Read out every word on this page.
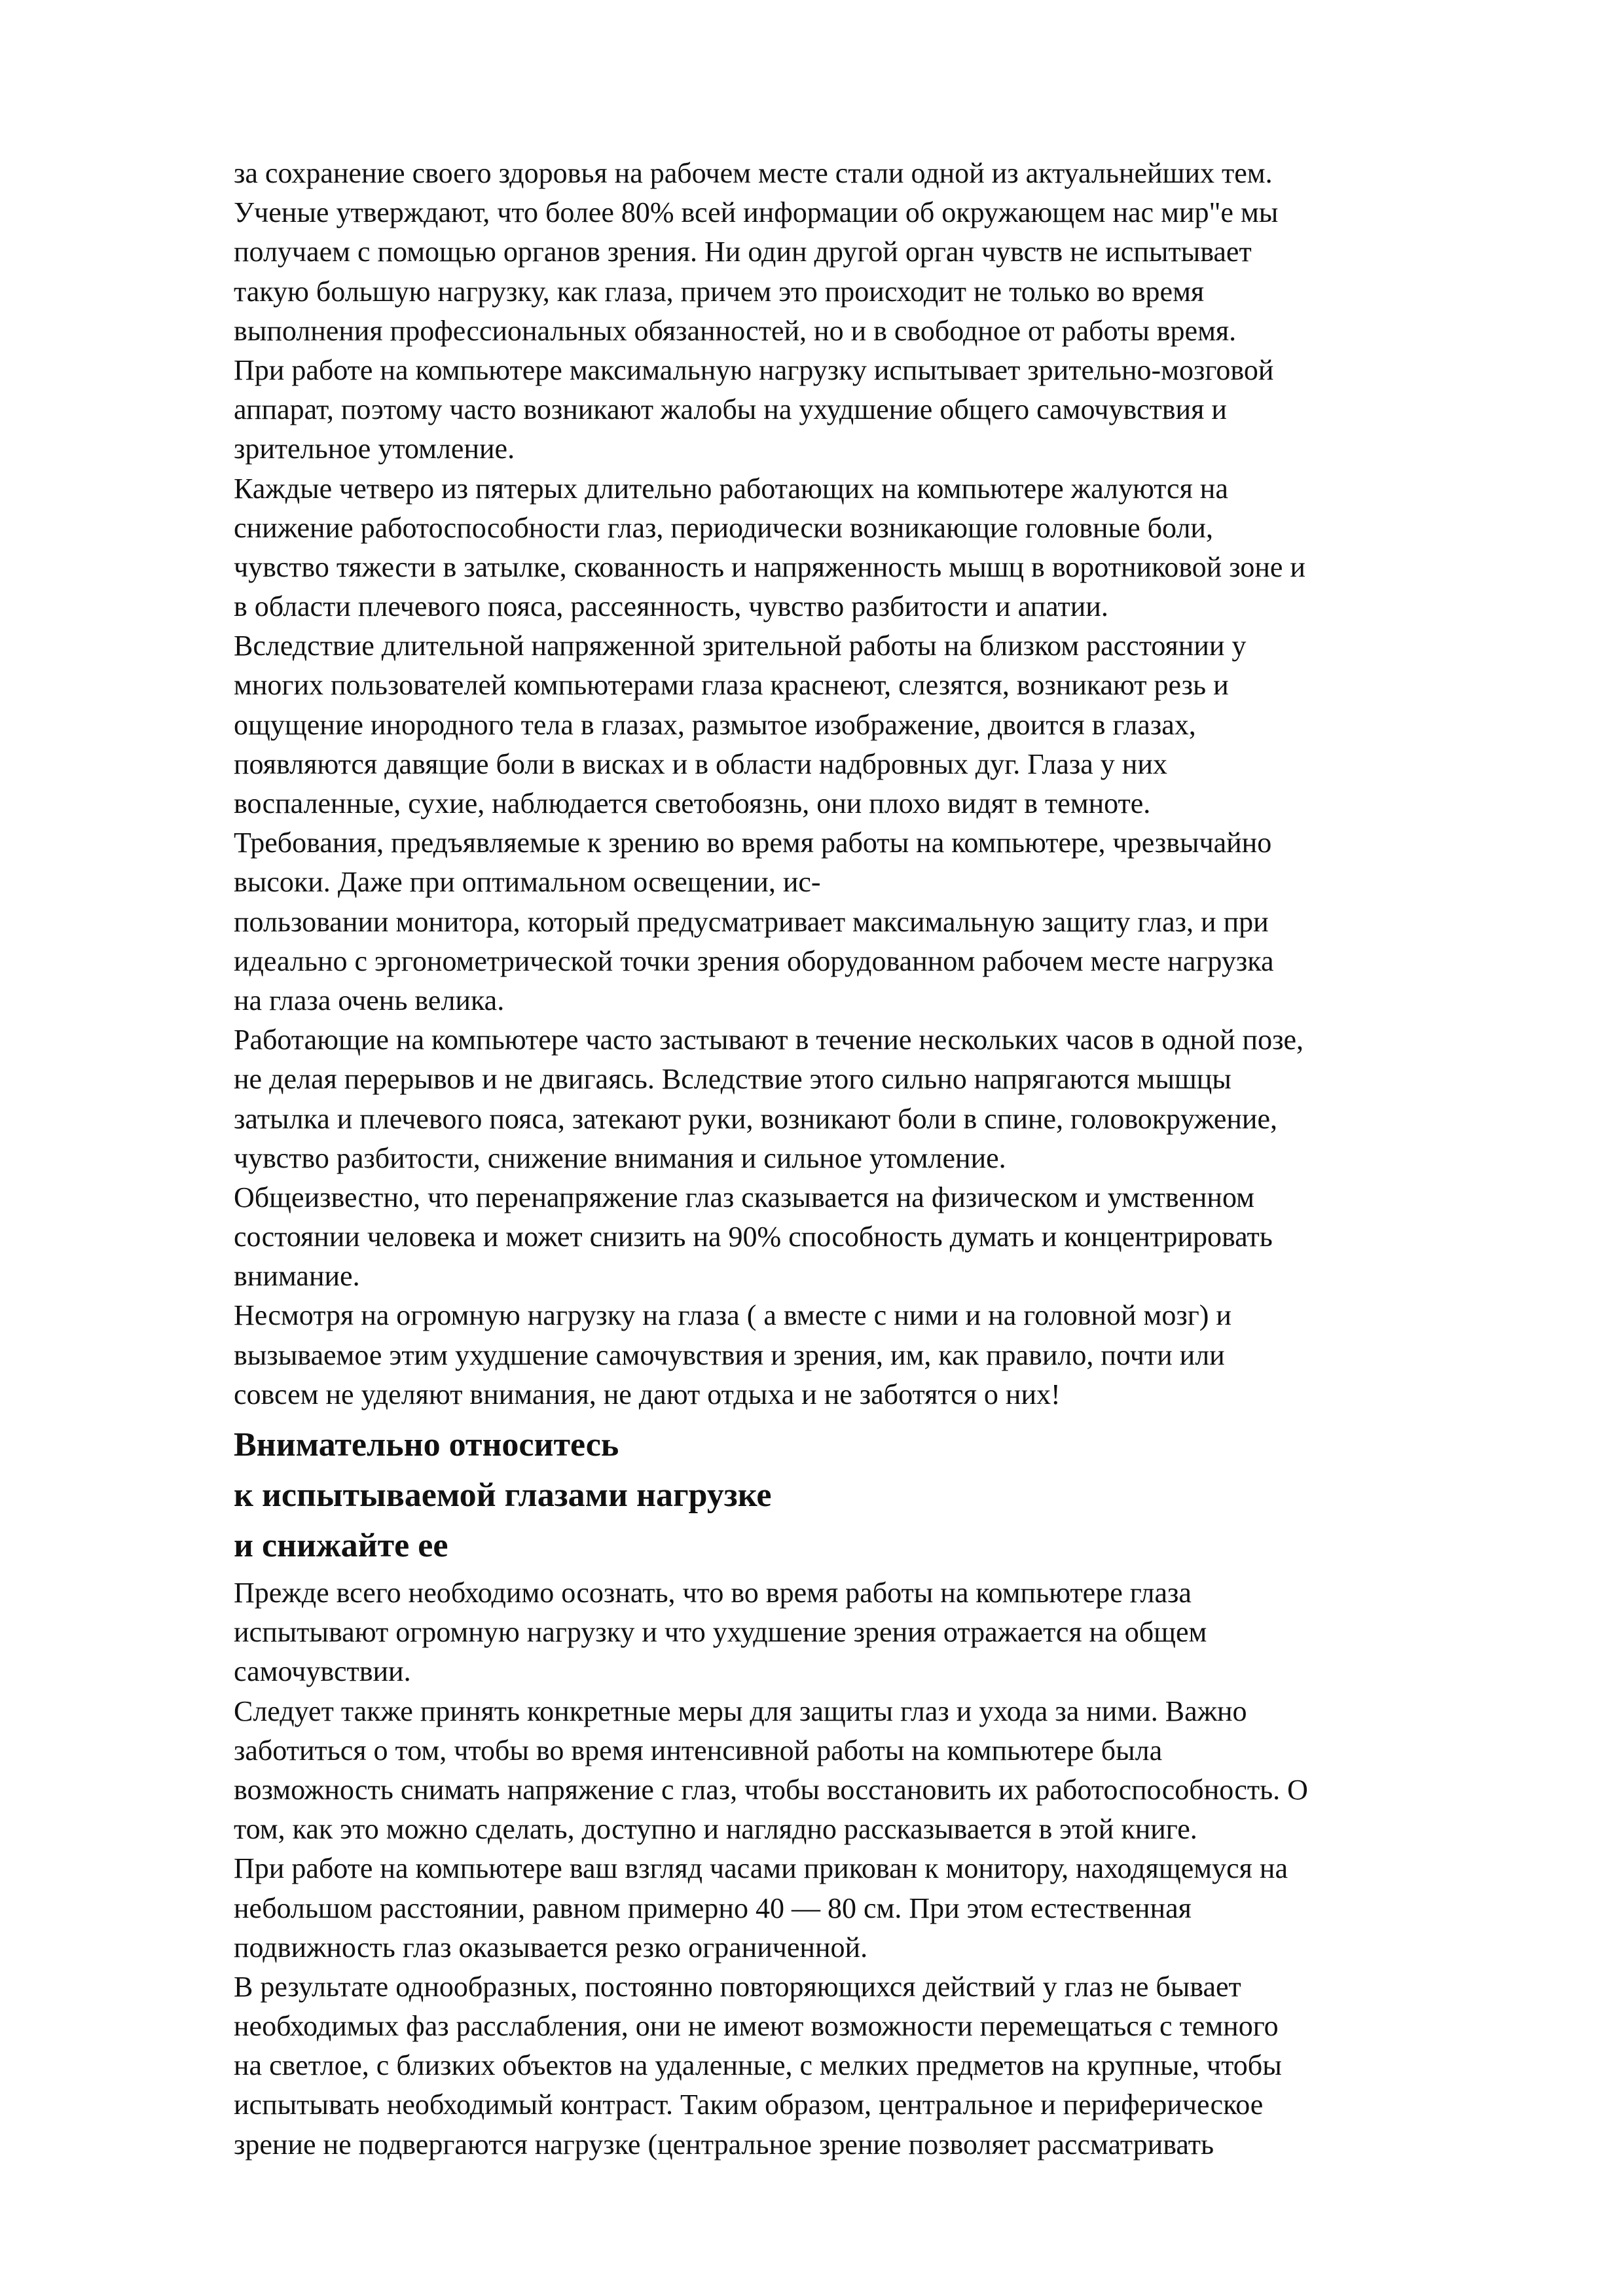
за сохранение своего здоровья на рабочем месте стали одной из актуальнейших тем.

Ученые утверждают, что более 80% всей информации об окружающем нас мир"е мы

получаем с помощью органов зрения. Ни один другой орган чувств не испытывает

такую большую нагрузку, как глаза, причем это происходит не только во время

выполнения профессиональных обязанностей, но и в свободное от работы время.

При работе на компьютере максимальную нагрузку испытывает зрительно-мозговой

аппарат, поэтому часто возникают жалобы на ухудшение общего самочувствия и

зрительное утомление.

Каждые четверо из пятерых длительно работающих на компьютере жалуются на

снижение работоспособности глаз, периодически возникающие головные боли,

чувство тяжести в затылке, скованность и напряженность мышц в воротниковой зоне и

в области плечевого пояса, рассеянность, чувство разбитости и апатии.

Вследствие длительной напряженной зрительной работы на близком расстоянии у

многих пользователей компьютерами глаза краснеют, слезятся, возникают резь и

ощущение инородного тела в глазах, размытое изображение, двоится в глазах,

появляются давящие боли в висках и в области надбровных дуг. Глаза у них

воспаленные, сухие, наблюдается светобоязнь, они плохо видят в темноте.

Требования, предъявляемые к зрению во время работы на компьютере, чрезвычайно

высоки. Даже при оптимальном освещении, ис-

пользовании монитора, который предусматривает максимальную защиту глаз, и при

идеально с эргонометрической точки зрения оборудованном рабочем месте нагрузка

на глаза очень велика.

Работающие на компьютере часто застывают в течение нескольких часов в одной позе,

не делая перерывов и не двигаясь. Вследствие этого сильно напрягаются мышцы

затылка и плечевого пояса, затекают руки, возникают боли в спине, головокружение,

чувство разбитости, снижение внимания и сильное утомление.

Общеизвестно, что перенапряжение глаз сказывается на физическом и умственном

состоянии человека и может снизить на 90% способность думать и концентрировать

внимание.

Несмотря на огромную нагрузку на глаза ( а вместе с ними и на головной мозг) и

вызываемое этим ухудшение самочувствия и зрения, им, как правило, почти или

совсем не уделяют внимания, не дают отдыха и не заботятся о них!

Внимательно относитесь

к испытываемой глазами нагрузке

и снижайте ее

Прежде всего необходимо осознать, что во время работы на компьютере глаза

испытывают огромную нагрузку и что ухудшение зрения отражается на общем

самочувствии.

Следует также принять конкретные меры для защиты глаз и ухода за ними. Важно

заботиться о том, чтобы во время интенсивной работы на компьютере была

возможность снимать напряжение с глаз, чтобы восстановить их работоспособность. О

том, как это можно сделать, доступно и наглядно рассказывается в этой книге.

При работе на компьютере ваш взгляд часами прикован к монитору, находящемуся на

небольшом расстоянии, равном примерно 40 — 80 см. При этом естественная

подвижность глаз оказывается резко ограниченной.

В результате однообразных, постоянно повторяющихся действий у глаз не бывает

необходимых фаз расслабления, они не имеют возможности перемещаться с темного

на светлое, с близких объектов на удаленные, с мелких предметов на крупные, чтобы

испытывать необходимый контраст. Таким образом, центральное и периферическое

зрение не подвергаются нагрузке (центральное зрение позволяет рассматривать
